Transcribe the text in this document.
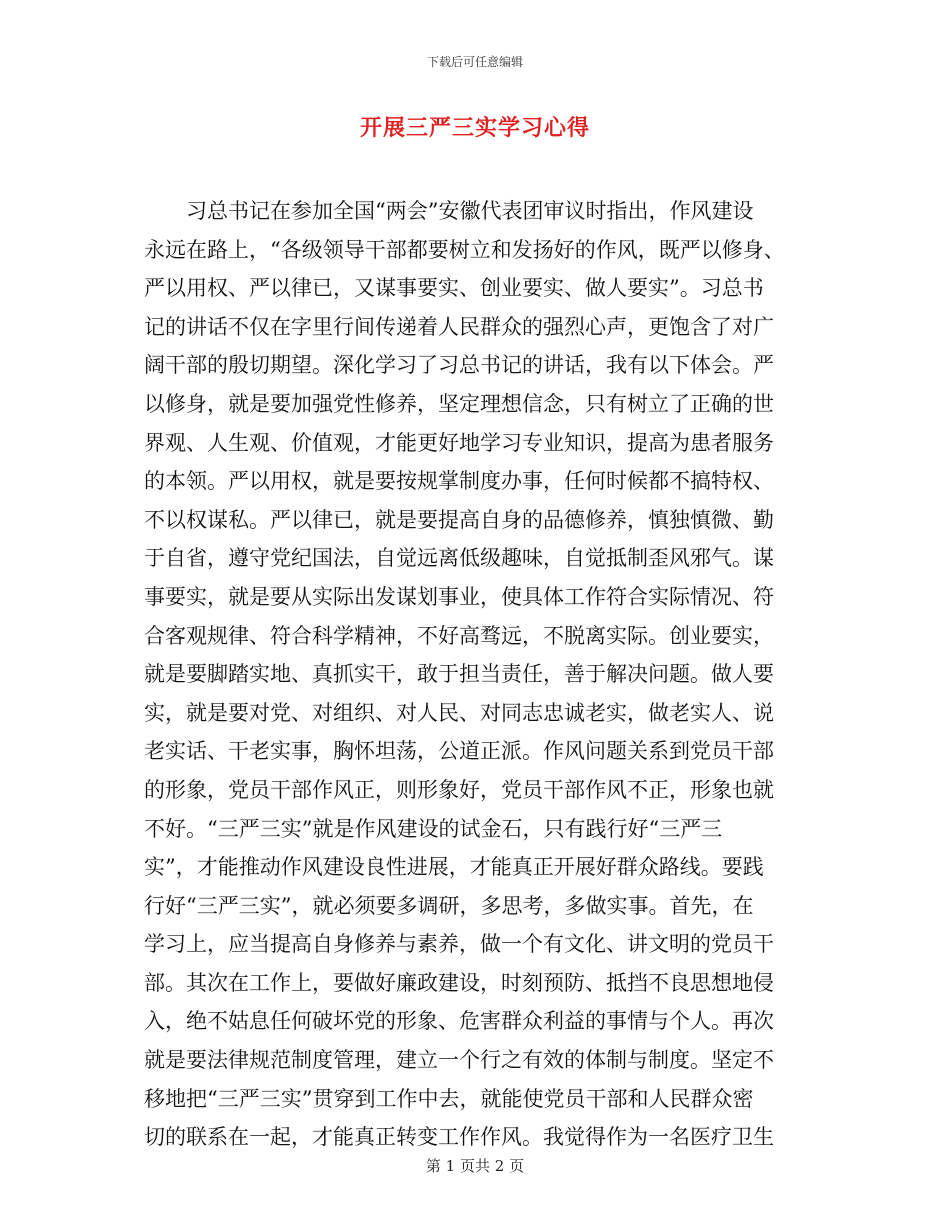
下载后可任意编辑
开展三严三实学习心得
习总书记在参加全国“两会”安徽代表团审议时指出，作风建设
永远在路上，“各级领导干部都要树立和发扬好的作风，既严以修身、
严以用权、严以律已，又谋事要实、创业要实、做人要实”。习总书
记的讲话不仅在字里行间传递着人民群众的强烈心声，更饱含了对广
阔干部的殷切期望。深化学习了习总书记的讲话，我有以下体会。严
以修身，就是要加强党性修养，坚定理想信念，只有树立了正确的世
界观、人生观、价值观，才能更好地学习专业知识，提高为患者服务
的本领。严以用权，就是要按规掌制度办事，任何时候都不搞特权、
不以权谋私。严以律已，就是要提高自身的品德修养，慎独慎微、勤
于自省，遵守党纪国法，自觉远离低级趣味，自觉抵制歪风邪气。谋
事要实，就是要从实际出发谋划事业，使具体工作符合实际情况、符
合客观规律、符合科学精神，不好高骛远，不脱离实际。创业要实，
就是要脚踏实地、真抓实干，敢于担当责任，善于解决问题。做人要
实，就是要对党、对组织、对人民、对同志忠诚老实，做老实人、说
老实话、干老实事，胸怀坦荡，公道正派。作风问题关系到党员干部
的形象，党员干部作风正，则形象好，党员干部作风不正，形象也就
不好。“三严三实”就是作风建设的试金石，只有践行好“三严三
实”，才能推动作风建设良性进展，才能真正开展好群众路线。要践
行好“三严三实”，就必须要多调研，多思考，多做实事。首先，在
学习上，应当提高自身修养与素养，做一个有文化、讲文明的党员干
部。其次在工作上，要做好廉政建设，时刻预防、抵挡不良思想地侵
入，绝不姑息任何破坏党的形象、危害群众利益的事情与个人。再次
就是要法律规范制度管理，建立一个行之有效的体制与制度。坚定不
移地把“三严三实”贯穿到工作中去，就能使党员干部和人民群众密
切的联系在一起，才能真正转变工作作风。我觉得作为一名医疗卫生
第 1 页共 2 页
